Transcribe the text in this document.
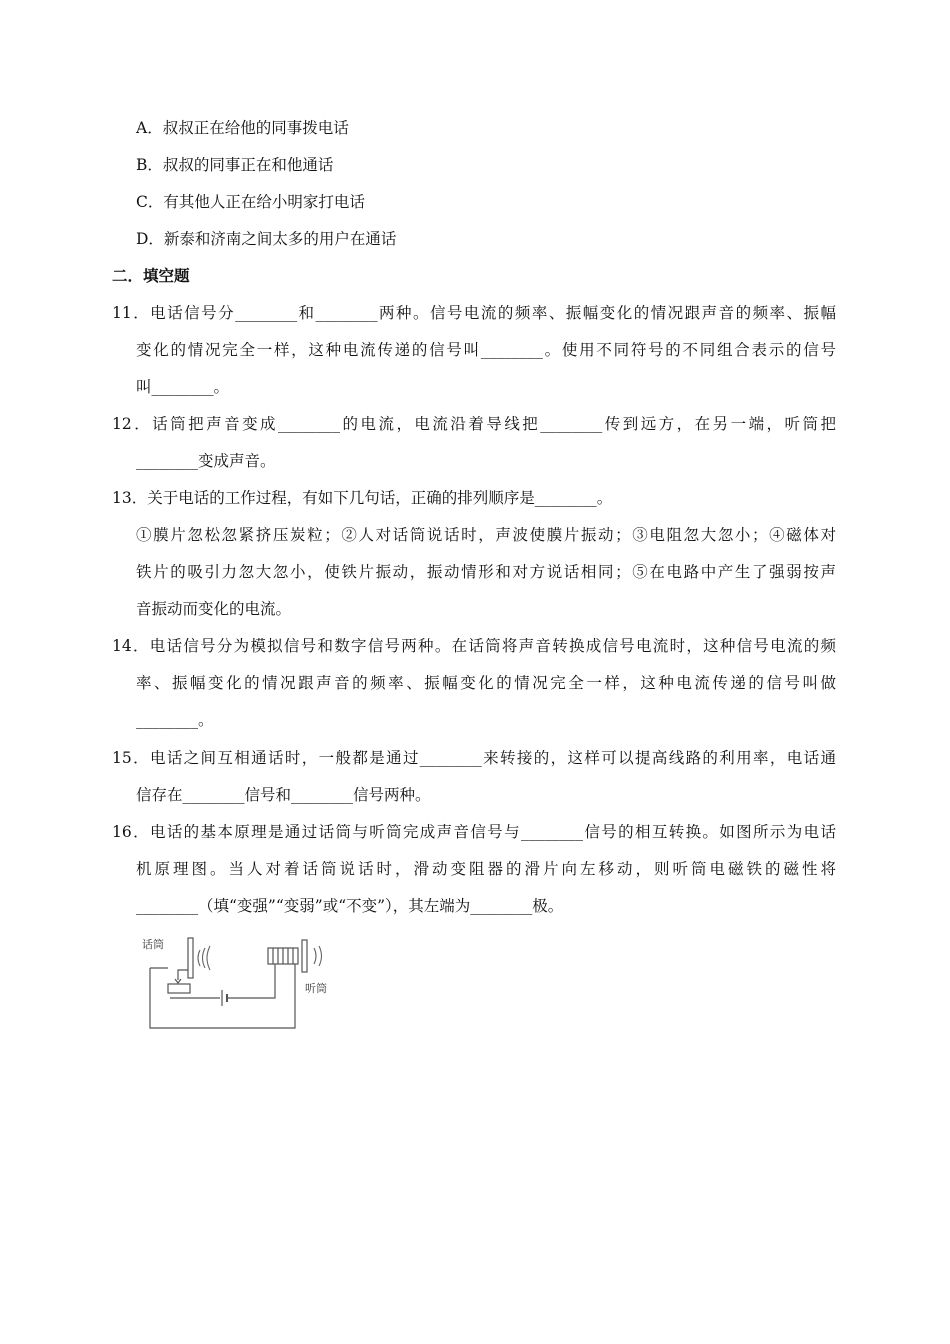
A．叔叔正在给他的同事拨电话
B．叔叔的同事正在和他通话
C．有其他人正在给小明家打电话
D．新泰和济南之间太多的用户在通话
二．填空题
11．电话信号分________和________两种。信号电流的频率、振幅变化的情况跟声音的频率、振幅
变化的情况完全一样，这种电流传递的信号叫________。使用不同符号的不同组合表示的信号
叫________。
12．话筒把声音变成________的电流，电流沿着导线把________传到远方，在另一端，听筒把
________变成声音。
13．关于电话的工作过程，有如下几句话，正确的排列顺序是________。
①膜片忽松忽紧挤压炭粒；②人对话筒说话时，声波使膜片振动；③电阻忽大忽小；④磁体对
铁片的吸引力忽大忽小，使铁片振动，振动情形和对方说话相同；⑤在电路中产生了强弱按声
音振动而变化的电流。
14．电话信号分为模拟信号和数字信号两种。在话筒将声音转换成信号电流时，这种信号电流的频
率、振幅变化的情况跟声音的频率、振幅变化的情况完全一样，这种电流传递的信号叫做
________。
15．电话之间互相通话时，一般都是通过________来转接的，这样可以提高线路的利用率，电话通
信存在________信号和________信号两种。
16．电话的基本原理是通过话筒与听筒完成声音信号与________信号的相互转换。如图所示为电话
机原理图。当人对着话筒说话时，滑动变阻器的滑片向左移动，则听筒电磁铁的磁性将
________（填“变强”“变弱”或“不变”），其左端为________极。
话筒
听筒
